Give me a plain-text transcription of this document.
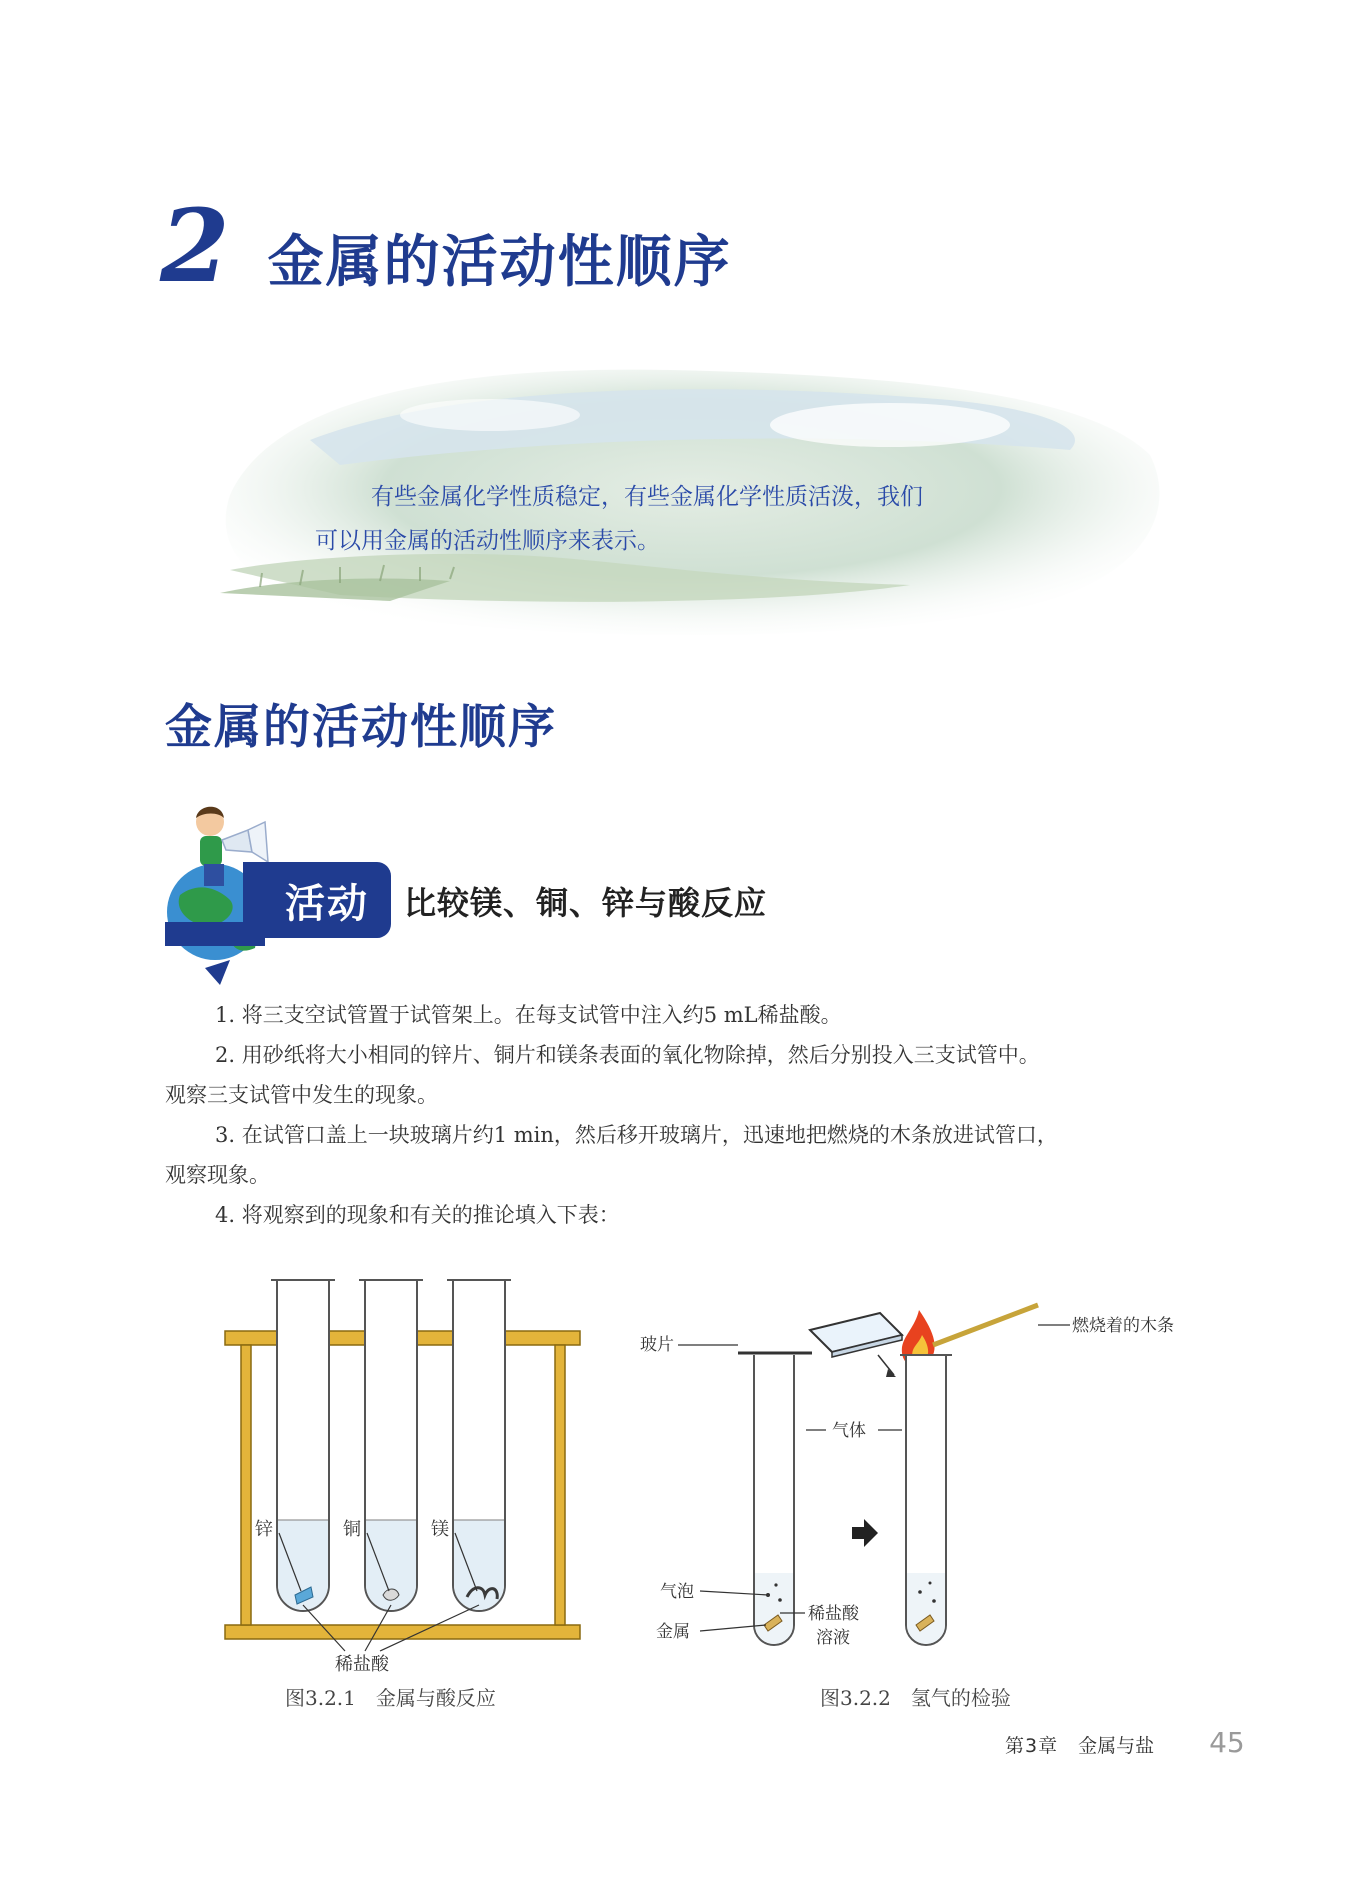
2 金属的活动性顺序

有些金属化学性质稳定，有些金属化学性质活泼，我们

可以用金属的活动性顺序来表示。

金属的活动性顺序
活动	比较镁、铜、锌与酸反应

1. 将三支空试管置于试管架上。在每支试管中注入约5 mL稀盐酸。

2. 用砂纸将大小相同的锌片、铜片和镁条表面的氧化物除掉，然后分别投入三支试管中。

观察三支试管中发生的现象。

3. 在试管口盖上一块玻璃片约1 min，然后移开玻璃片，迅速地把燃烧的木条放进试管口，

观察现象。

4. 将观察到的现象和有关的推论填入下表：

锌	铜	镁
稀盐酸
图3.2.1 金属与酸反应
燃烧着的木条
玻片
气体
气泡
金属
稀盐酸
溶液
图3.2.2 氢气的检验
第3章 金属与盐 45
